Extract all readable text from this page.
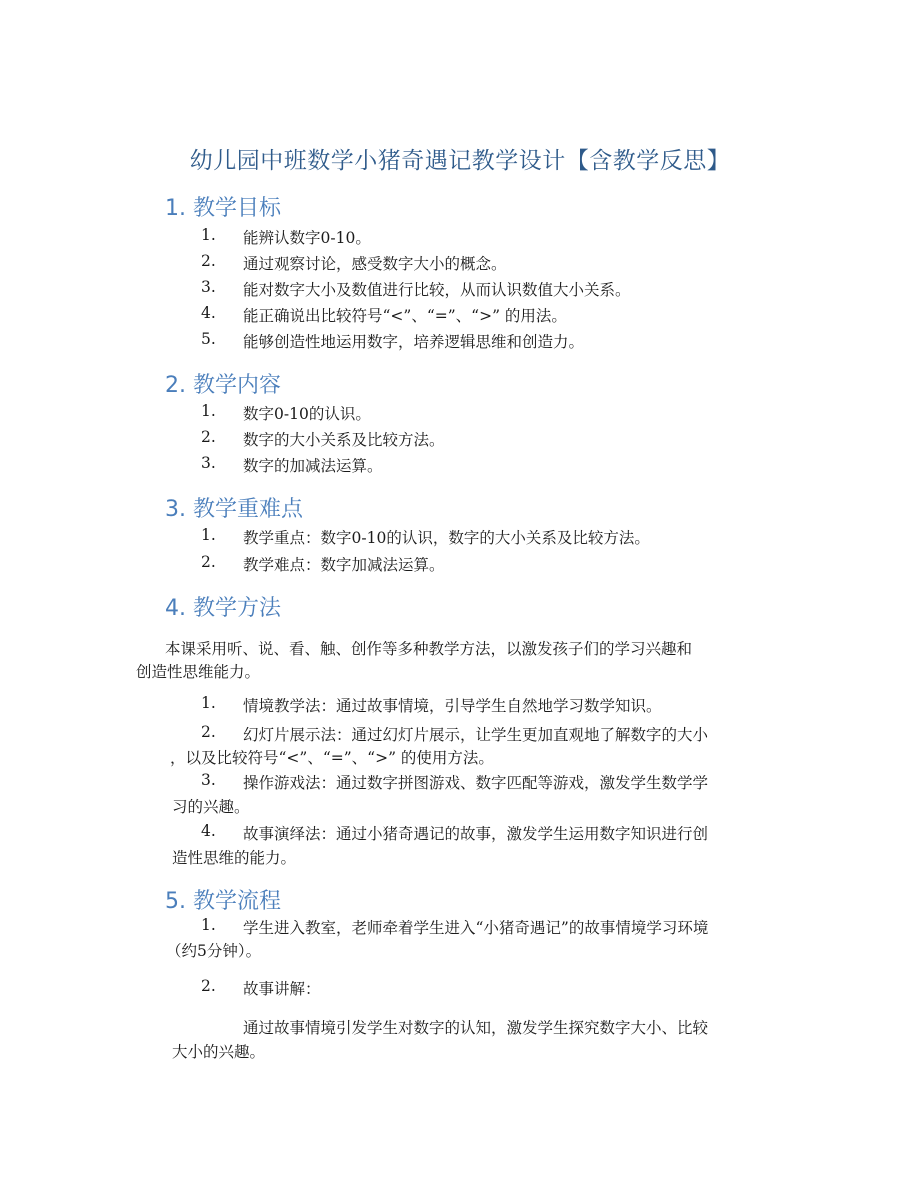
幼儿园中班数学小猪奇遇记教学设计【含教学反思】
1. 教学目标
1. 能辨认数字0-10。
2. 通过观察讨论，感受数字大小的概念。
3. 能对数字大小及数值进行比较，从而认识数值大小关系。
4. 能正确说出比较符号“<”、“=”、“>” 的用法。
5. 能够创造性地运用数字，培养逻辑思维和创造力。
2. 教学内容
1. 数字0-10的认识。
2. 数字的大小关系及比较方法。
3. 数字的加减法运算。
3. 教学重难点
1. 教学重点：数字0-10的认识，数字的大小关系及比较方法。
2. 教学难点：数字加减法运算。
4. 教学方法
本课采用听、说、看、触、创作等多种教学方法，以激发孩子们的学习兴趣和
创造性思维能力。
1. 情境教学法：通过故事情境，引导学生自然地学习数学知识。
2. 幻灯片展示法：通过幻灯片展示，让学生更加直观地了解数字的大小
，以及比较符号“<”、“=”、“>” 的使用方法。
3. 操作游戏法：通过数字拼图游戏、数字匹配等游戏，激发学生数学学
习的兴趣。
4. 故事演绎法：通过小猪奇遇记的故事，激发学生运用数字知识进行创
造性思维的能力。
5. 教学流程
1. 学生进入教室，老师牵着学生进入“小猪奇遇记”的故事情境学习环境
（约5分钟）。
2. 故事讲解：
通过故事情境引发学生对数字的认知，激发学生探究数字大小、比较
大小的兴趣。
